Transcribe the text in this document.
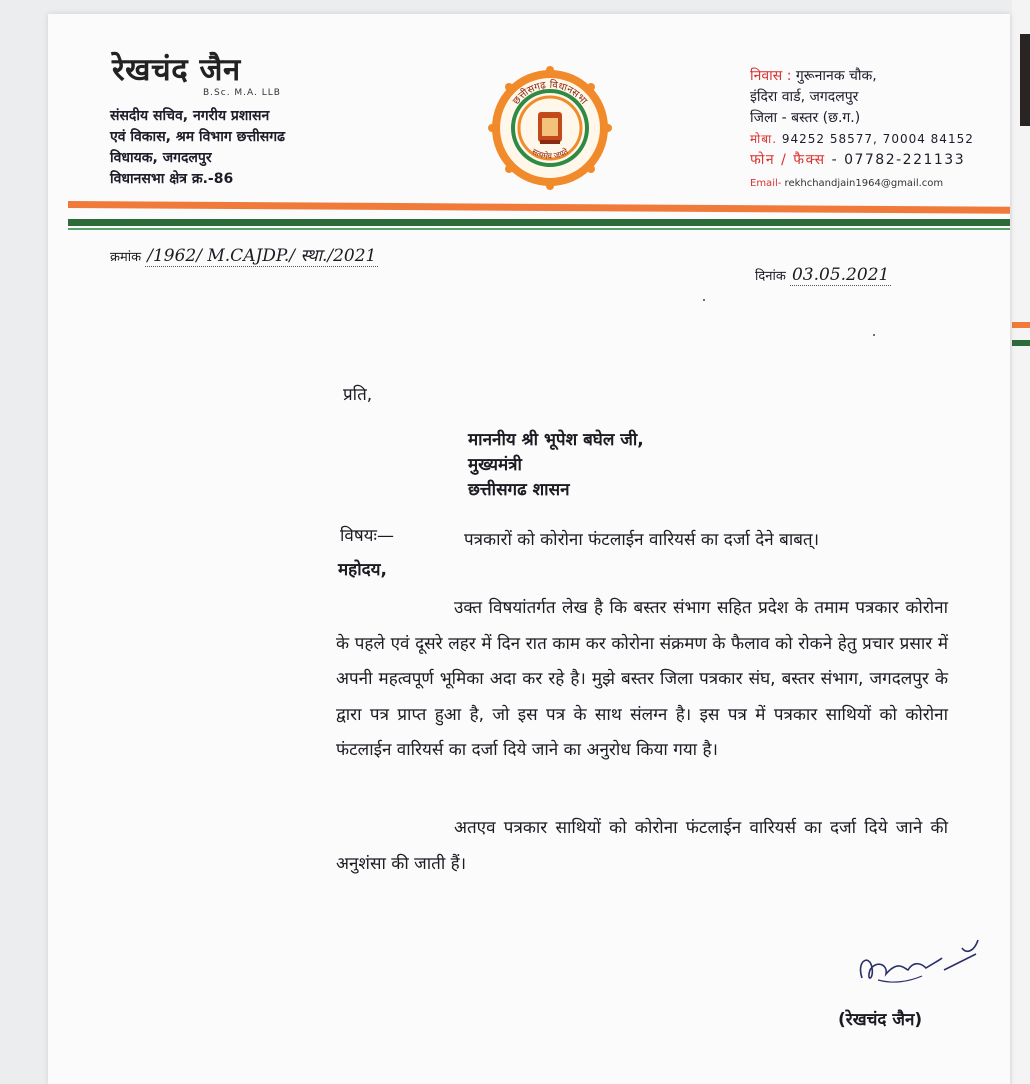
रेखचंद जैन
B.Sc. M.A. LLB
संसदीय सचिव, नगरीय प्रशासन
एवं विकास, श्रम विभाग छत्तीसगढ
विधायक, जगदलपुर
विधानसभा क्षेत्र क्र.-86
छत्तीसगढ़ विधानसभा
सत्यमेव जयते
निवास : गुरूनानक चौक,
इंदिरा वार्ड, जगदलपुर
जिला - बस्तर (छ.ग.)
मोबा. 94252 58577, 70004 84152
फोन / फैक्स - 07782-221133
Email- rekhchandjain1964@gmail.com
क्रमांक /1962/ M.CAJDP./ स्था./2021
दिनांक 03.05.2021
प्रति,
माननीय श्री भूपेश बघेल जी,
मुख्यमंत्री
छत्तीसगढ शासन
विषयः—	पत्रकारों को कोरोना फंटलाईन वारियर्स का दर्जा देने बाबत्।
महोदय,
उक्त विषयांतर्गत लेख है कि बस्तर संभाग सहित प्रदेश के तमाम पत्रकार कोरोना के पहले एवं दूसरे लहर में दिन रात काम कर कोरोना संक्रमण के फैलाव को रोकने हेतु प्रचार प्रसार में अपनी महत्वपूर्ण भूमिका अदा कर रहे है। मुझे बस्तर जिला पत्रकार संघ, बस्तर संभाग, जगदलपुर के द्वारा पत्र प्राप्त हुआ है, जो इस पत्र के साथ संलग्न है। इस पत्र में पत्रकार साथियों को कोरोना फंटलाईन वारियर्स का दर्जा दिये जाने का अनुरोध किया गया है।
अतएव पत्रकार साथियों को कोरोना फंटलाईन वारियर्स का दर्जा दिये जाने की अनुशंसा की जाती हैं।
(रेखचंद जैन)
